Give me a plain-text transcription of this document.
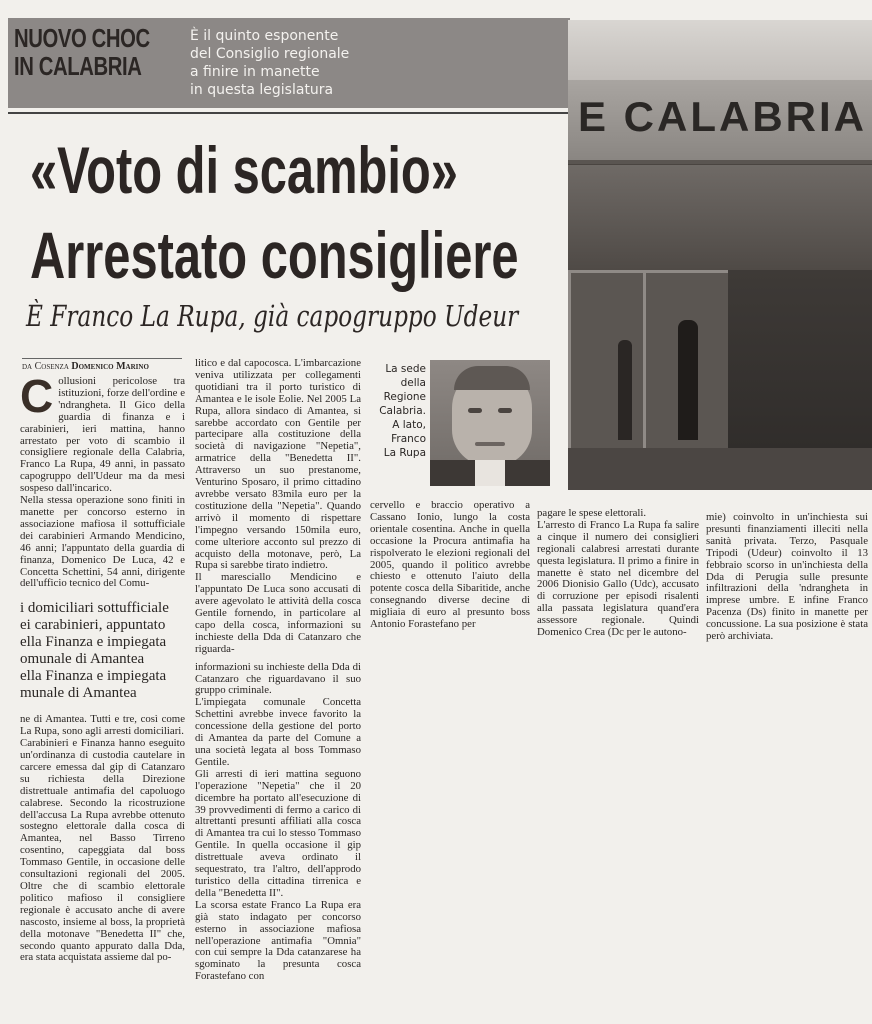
NUOVO CHOC
IN CALABRIA
È il quinto esponente
del Consiglio regionale
a finire in manette
in questa legislatura
E CALABRIA
«Voto di scambio»
Arrestato consigliere
È Franco La Rupa, già capogruppo Udeur
da Cosenza Domenico Marino
C ollusioni pericolose tra istituzioni, forze dell'ordine e 'ndrangheta. Il Gico della guardia di finanza e i carabinieri, ieri mattina, hanno arrestato per voto di scambio il consigliere regionale della Calabria, Franco La Rupa, 49 anni, in passato capogruppo dell'Udeur ma da mesi sospeso dall'incarico.

Nella stessa operazione sono finiti in manette per concorso esterno in associazione mafiosa il sottufficiale dei carabinieri Armando Mendicino, 46 anni; l'appuntato della guardia di finanza, Domenico De Luca, 42 e Concetta Schettini, 54 anni, dirigente dell'ufficio tecnico del Comu-

i domiciliari sottufficiale
ei carabinieri, appuntato
ella Finanza e impiegata
omunale di Amantea
ella Finanza e impiegata
munale di Amantea

ne di Amantea. Tutti e tre, così come La Rupa, sono agli arresti domiciliari.

Carabinieri e Finanza hanno eseguito un'ordinanza di custodia cautelare in carcere emessa dal gip di Catanzaro su richiesta della Direzione distrettuale antimafia del capoluogo calabrese. Secondo la ricostruzione dell'accusa La Rupa avrebbe ottenuto sostegno elettorale dalla cosca di Amantea, nel Basso Tirreno cosentino, capeggiata dal boss Tommaso Gentile, in occasione delle consultazioni regionali del 2005. Oltre che di scambio elettorale politico mafioso il consigliere regionale è accusato anche di avere nascosto, insieme al boss, la proprietà della motonave "Benedetta II" che, secondo quanto appurato dalla Dda, era stata acquistata assieme dal po-

litico e dal capocosca. L'imbarcazione veniva utilizzata per collegamenti quotidiani tra il porto turistico di Amantea e le isole Eolie. Nel 2005 La Rupa, allora sindaco di Amantea, si sarebbe accordato con Gentile per partecipare alla costituzione della società di navigazione "Nepetia", armatrice della "Benedetta II". Attraverso un suo prestanome, Venturino Sposaro, il primo cittadino avrebbe versato 83mila euro per la costituzione della "Nepetia". Quando arrivò il momento di rispettare l'impegno versando 150mila euro, come ulteriore acconto sul prezzo di acquisto della motonave, però, La Rupa si sarebbe tirato indietro.

Il maresciallo Mendicino e l'appuntato De Luca sono accusati di avere agevolato le attività della cosca Gentile fornendo, in particolare al capo della cosca, informazioni su inchieste della Dda di Catanzaro che riguarda-

informazioni su inchieste della Dda di Catanzaro che riguardavano il suo gruppo criminale.

L'impiegata comunale Concetta Schettini avrebbe invece favorito la concessione della gestione del porto di Amantea da parte del Comune a una società legata al boss Tommaso Gentile.

Gli arresti di ieri mattina seguono l'operazione "Nepetia" che il 20 dicembre ha portato all'esecuzione di 39 provvedimenti di fermo a carico di altrettanti presunti affiliati alla cosca di Amantea tra cui lo stesso Tommaso Gentile. In quella occasione il gip distrettuale aveva ordinato il sequestrato, tra l'altro, dell'approdo turistico della cittadina tirrenica e della "Benedetta II".

La scorsa estate Franco La Rupa era già stato indagato per concorso esterno in associazione mafiosa nell'operazione antimafia "Omnia" con cui sempre la Dda catanzarese ha sgominato la presunta cosca Forastefano con

La sede
della
Regione
Calabria.
A lato,
Franco
La Rupa

cervello e braccio operativo a Cassano Ionio, lungo la costa orientale cosentina. Anche in quella occasione la Procura antimafia ha rispolverato le elezioni regionali del 2005, quando il politico avrebbe chiesto e ottenuto l'aiuto della potente cosca della Sibaritide, anche consegnando diverse decine di migliaia di euro al presunto boss Antonio Forastefano per

pagare le spese elettorali.

L'arresto di Franco La Rupa fa salire a cinque il numero dei consiglieri regionali calabresi arrestati durante questa legislatura. Il primo a finire in manette è stato nel dicembre del 2006 Dionisio Gallo (Udc), accusato di corruzione per episodi risalenti alla passata legislatura quand'era assessore regionale. Quindi Domenico Crea (Dc per le autono-

mie) coinvolto in un'inchiesta sui presunti finanziamenti illeciti nella sanità privata. Terzo, Pasquale Tripodi (Udeur) coinvolto il 13 febbraio scorso in un'inchiesta della Dda di Perugia sulle presunte infiltrazioni della 'ndrangheta in imprese umbre. E infine Franco Pacenza (Ds) finito in manette per concussione. La sua posizione è stata però archiviata.
